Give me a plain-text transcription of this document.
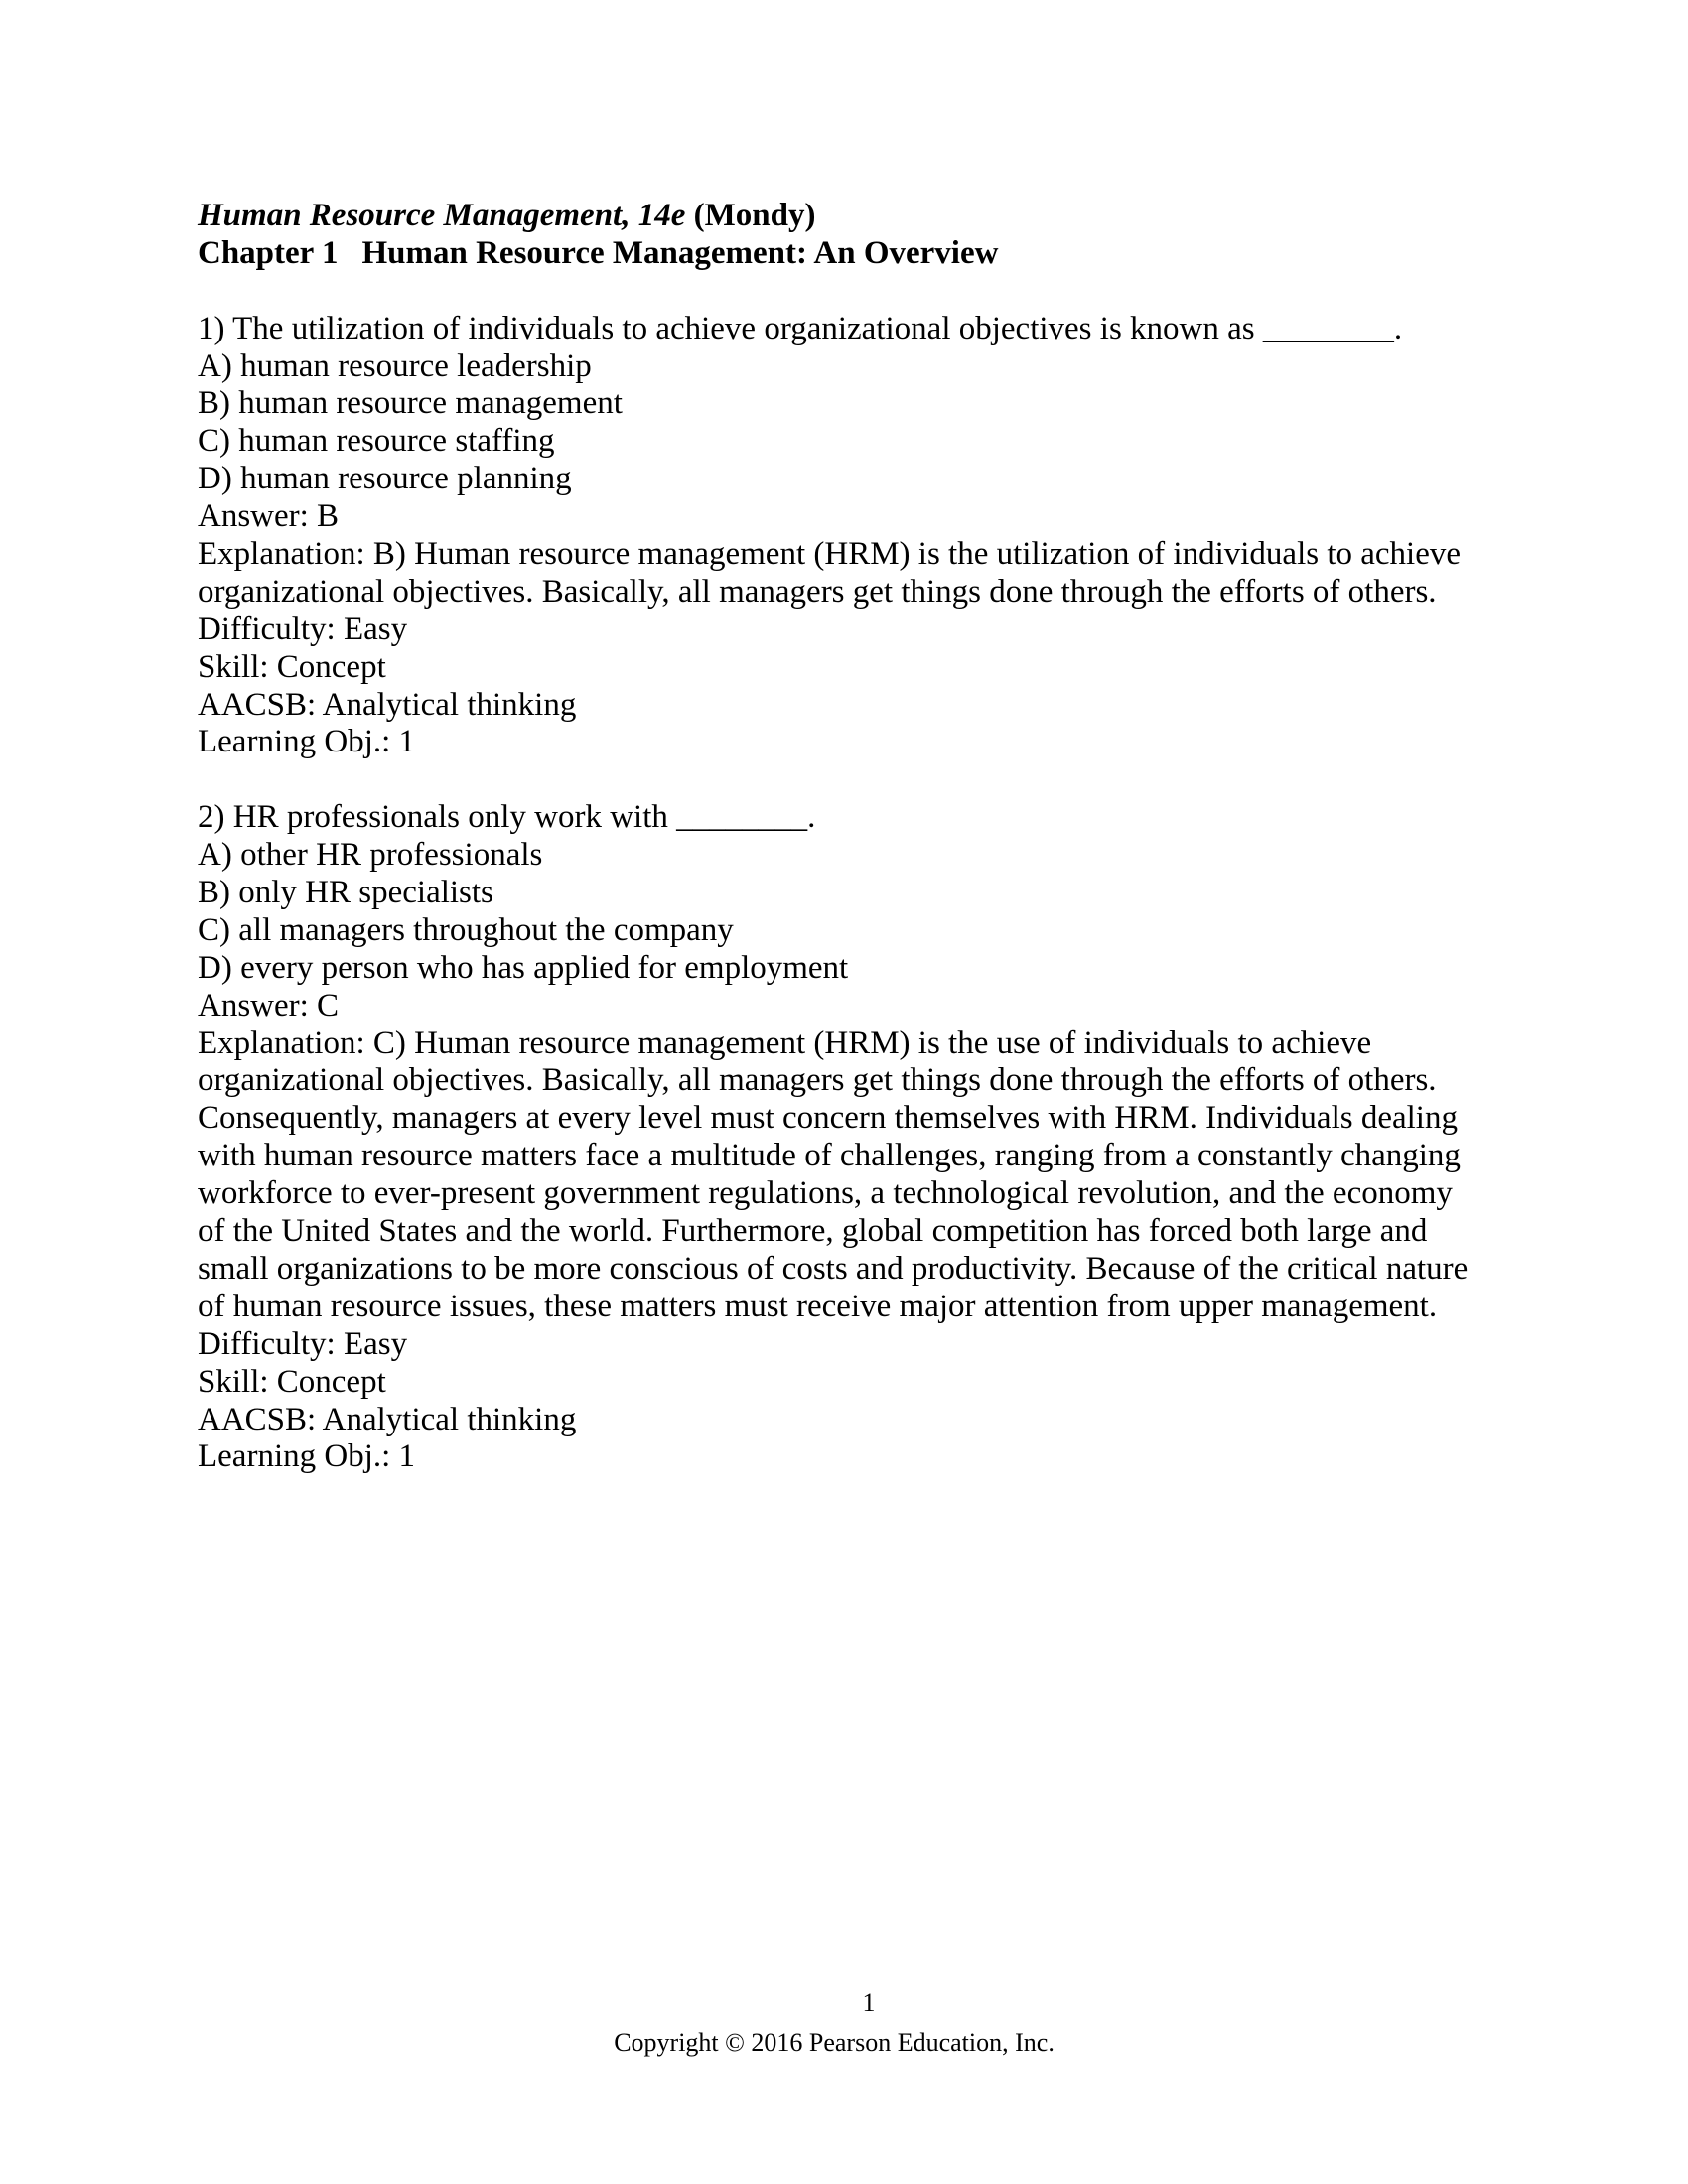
Human Resource Management, 14e (Mondy)
Chapter 1 Human Resource Management: An Overview
1) The utilization of individuals to achieve organizational objectives is known as ________.
A) human resource leadership
B) human resource management
C) human resource staffing
D) human resource planning
Answer: B
Explanation: B) Human resource management (HRM) is the utilization of individuals to achieve
organizational objectives. Basically, all managers get things done through the efforts of others.
Difficulty: Easy
Skill: Concept
AACSB: Analytical thinking
Learning Obj.: 1
2) HR professionals only work with ________.
A) other HR professionals
B) only HR specialists
C) all managers throughout the company
D) every person who has applied for employment
Answer: C
Explanation: C) Human resource management (HRM) is the use of individuals to achieve
organizational objectives. Basically, all managers get things done through the efforts of others.
Consequently, managers at every level must concern themselves with HRM. Individuals dealing
with human resource matters face a multitude of challenges, ranging from a constantly changing
workforce to ever-present government regulations, a technological revolution, and the economy
of the United States and the world. Furthermore, global competition has forced both large and
small organizations to be more conscious of costs and productivity. Because of the critical nature
of human resource issues, these matters must receive major attention from upper management.
Difficulty: Easy
Skill: Concept
AACSB: Analytical thinking
Learning Obj.: 1
1
Copyright © 2016 Pearson Education, Inc.
